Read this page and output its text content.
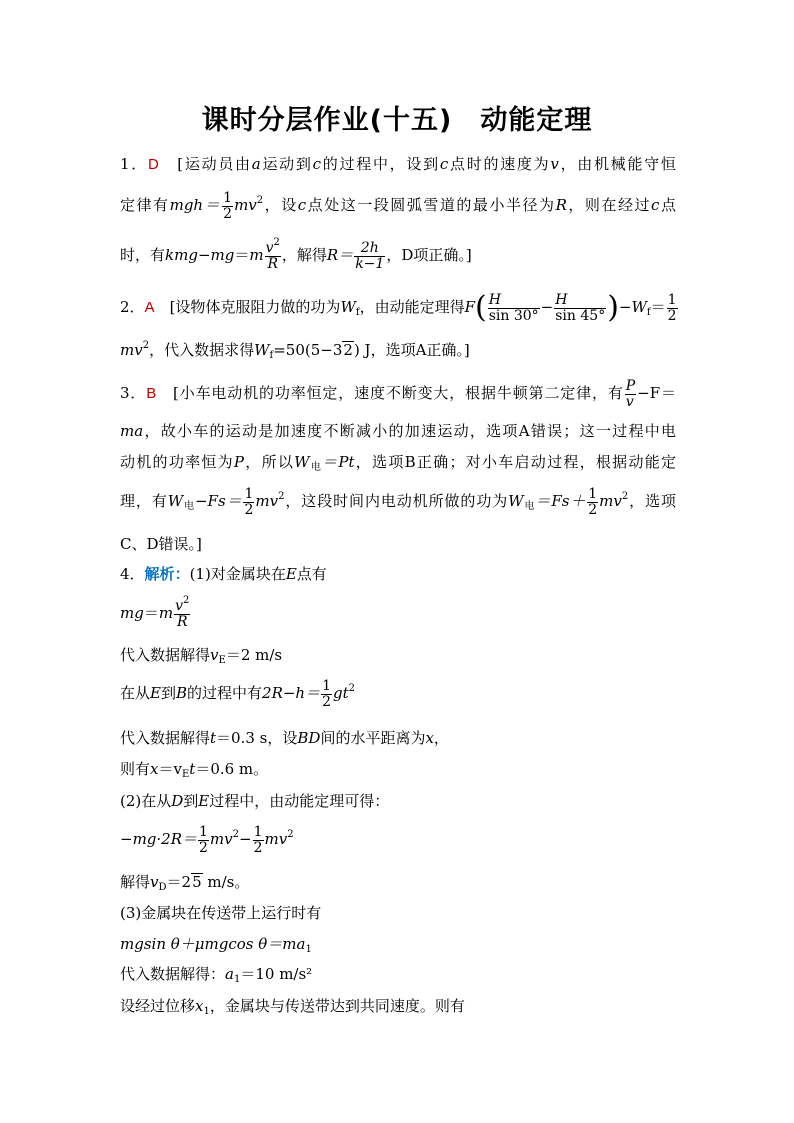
课时分层作业(十五) 动能定理
1．D　 [运动员由a运动到c的过程中，设到c点时的速度为v，由机械能守恒
定律有$mgh= \frac{1}{2} mv^2$，设c点处这一段圆弧雪道的最小半径为R，则在经过c点
时，有$kmg-mg=m \frac{v^2}{R}$ ，解得$R= \frac{2h}{k-1}$ ，D项正确。]
2．A　 [设物体克服阻力做的功为$W_f$，由动能定理得$F( \frac{H}{\sin 30^\circ} - \frac{H}{\sin 45^\circ} )-W_f= \frac{1}{2}$
$mv^2$，代入数据求得$W_f=50(5-32)$ J，选项A正确。]
3．B　 [小车电动机的功率恒定，速度不断变大，根据牛顿第二定律，有 $\frac{P}{v} -F=$
ma，故小车的运动是加速度不断减小的加速运动，选项A错误；这一过程中电
动机的功率恒为P，所以$W_电=Pt$，选项B正确；对小车启动过程，根据动能定
理，有$W_电-Fs= \frac{1}{2} mv^2$，这段时间内电动机所做的功为$W_电=Fs+ \frac{1}{2} mv^2$，选项
C、D错误。]
4．解析：(1)对金属块在E点有
$mg=m \frac{v^2}{R}$
代入数据解得$v_E=2$ m/s
在从E到B的过程中有$2R-h= \frac{1}{2} gt^2$
代入数据解得t＝0.3 s，设BD间的水平距离为x，
则有$x=v_Et=0.6$ m。
(2)在从D到E过程中，由动能定理可得：
$-mg\cdot 2R= \frac{1}{2} mv^2- \frac{1}{2} mv^2$
解得$v_D=25$ m/s。
(3)金属块在传送带上运行时有
mgsin θ＋μmgcos $\theta=ma_1$
代入数据解得：$a_1=10$ m/s²
设经过位移$x_1$，金属块与传送带达到共同速度。则有
